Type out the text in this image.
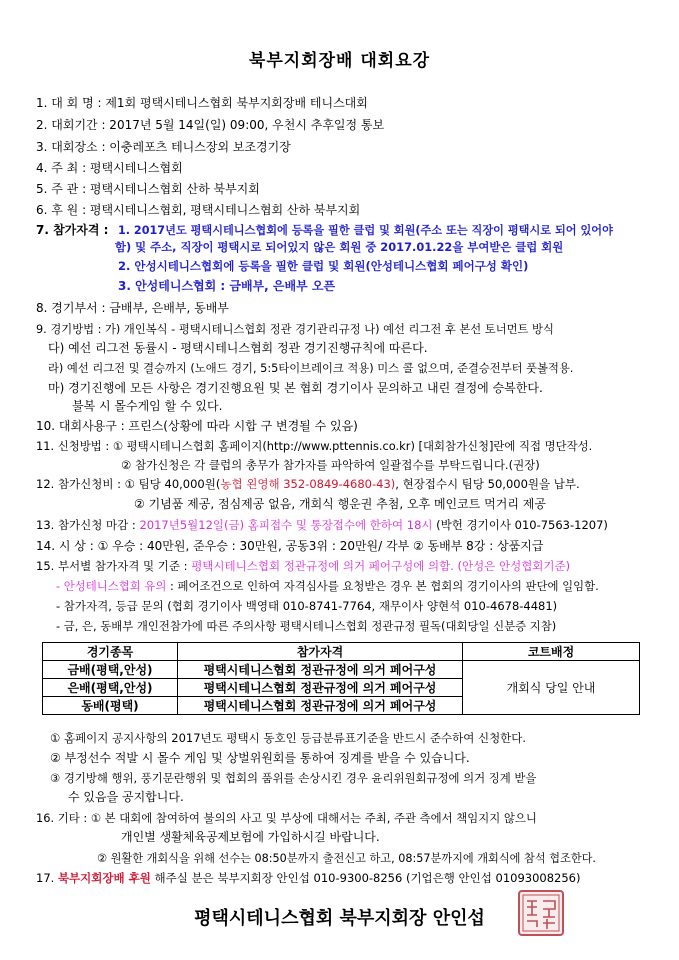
북부지회장배 대회요강
1. 대 회 명 : 제1회 평택시테니스협회 북부지회장배 테니스대회
2. 대회기간 : 2017년 5월 14일(일) 09:00, 우천시 추후일정 통보
3. 대회장소 : 이충레포츠 테니스장외 보조경기장
4. 주 최 : 평택시테니스협회
5. 주 관 : 평택시테니스협회 산하 북부지회
6. 후 원 : 평택시테니스협회, 평택시테니스협회 산하 북부지회
7. 참가자격 : 1. 2017년도 평택시테니스협회에 등록을 필한 클럽 및 회원(주소 또는 직장이 평택시로 되어 있어야
함) 및 주소, 직장이 평택시로 되어있지 않은 회원 중 2017.01.22을 부여받은 클럽 회원
2. 안성시테니스협회에 등록을 필한 클럽 및 회원(안성테니스협회 페어구성 확인)
3. 안성테니스협회 : 금배부, 은배부 오픈
8. 경기부서 : 금배부, 은배부, 동배부
9. 경기방법 : 가) 개인복식 - 평택시테니스협회 정관 경기관리규정 나) 예선 리그전 후 본선 토너먼트 방식
다) 예선 리그전 동률시 - 평택시테니스협회 정관 경기진행규칙에 따른다.
라) 예선 리그전 및 결승까지 (노애드 경기, 5:5타이브레이크 적용) 미스 콜 없으며, 준결승전부터 풋볼적용.
마) 경기진행에 모든 사항은 경기진행요원 및 본 협회 경기이사 문의하고 내린 결정에 승복한다.
불복 시 몰수게임 할 수 있다.
10. 대회사용구 : 프린스(상황에 따라 시합 구 변경될 수 있음)
11. 신청방법 : ① 평택시테니스협회 홈페이지(http://www.pttennis.co.kr) [대회참가신청]란에 직접 명단작성.
② 참가신청은 각 클럽의 총무가 참가자를 파악하여 일괄접수를 부탁드립니다.(권장)
12. 참가신청비 : ① 팀당 40,000원(농협 왼영해 352-0849-4680-43), 현장접수시 팀당 50,000원을 납부.
② 기념품 제공, 점심제공 없음, 개회식 행운권 추첨, 오후 메인코트 먹거리 제공
13. 참가신청 마감 : 2017년5월12일(금) 홈피접수 및 통장접수에 한하여 18시 (박헌 경기이사 010-7563-1207)
14. 시 상 : ① 우승 : 40만원, 준우승 : 30만원, 공동3위 : 20만원/ 각부 ② 동배부 8강 : 상품지급
15. 부서별 참가자격 및 기준 : 평택시테니스협회 정관규정에 의거 페어구성에 의함. (안성은 안성협회기준)
- 안성테니스협회 유의 : 페어조건으로 인하여 자격심사를 요청받은 경우 본 협회의 경기이사의 판단에 일임함.
- 참가자격, 등급 문의 (협회 경기이사 백영태 010-8741-7764, 재무이사 양현석 010-4678-4481)
- 금, 은, 동배부 개인전참가에 따른 주의사항 평택시테니스협회 정관규정 필독(대회당일 신분증 지참)
경기종목	참가자격	코트배정
금배(평택,안성)	평택시테니스협회 정관규정에 의거 페어구성	개회식 당일 안내
은배(평택,안성)	평택시테니스협회 정관규정에 의거 페어구성	
동배(평택)	평택시테니스협회 정관규정에 의거 페어구성	
① 홈페이지 공지사항의 2017년도 평택시 동호인 등급분류표기준을 반드시 준수하여 신청한다.
② 부정선수 적발 시 몰수 게임 및 상벌위원회를 통하여 징계를 받을 수 있습니다.
③ 경기방해 행위, 풍기문란행위 및 협회의 품위를 손상시킨 경우 윤리위원회규정에 의거 징계 받을
수 있음을 공지합니다.
16. 기타 : ① 본 대회에 참여하여 불의의 사고 및 부상에 대해서는 주최, 주관 측에서 책임지지 않으니
개인별 생활체육공제보험에 가입하시길 바랍니다.
② 원활한 개회식을 위해 선수는 08:50분까지 출전신고 하고, 08:57분까지에 개회식에 참석 협조한다.
17. 북부지회장배 후원 해주실 분은 북부지회장 안인섭 010-9300-8256 (기업은행 안인섭 01093008256)
평택시테니스협회 북부지회장 안인섭
